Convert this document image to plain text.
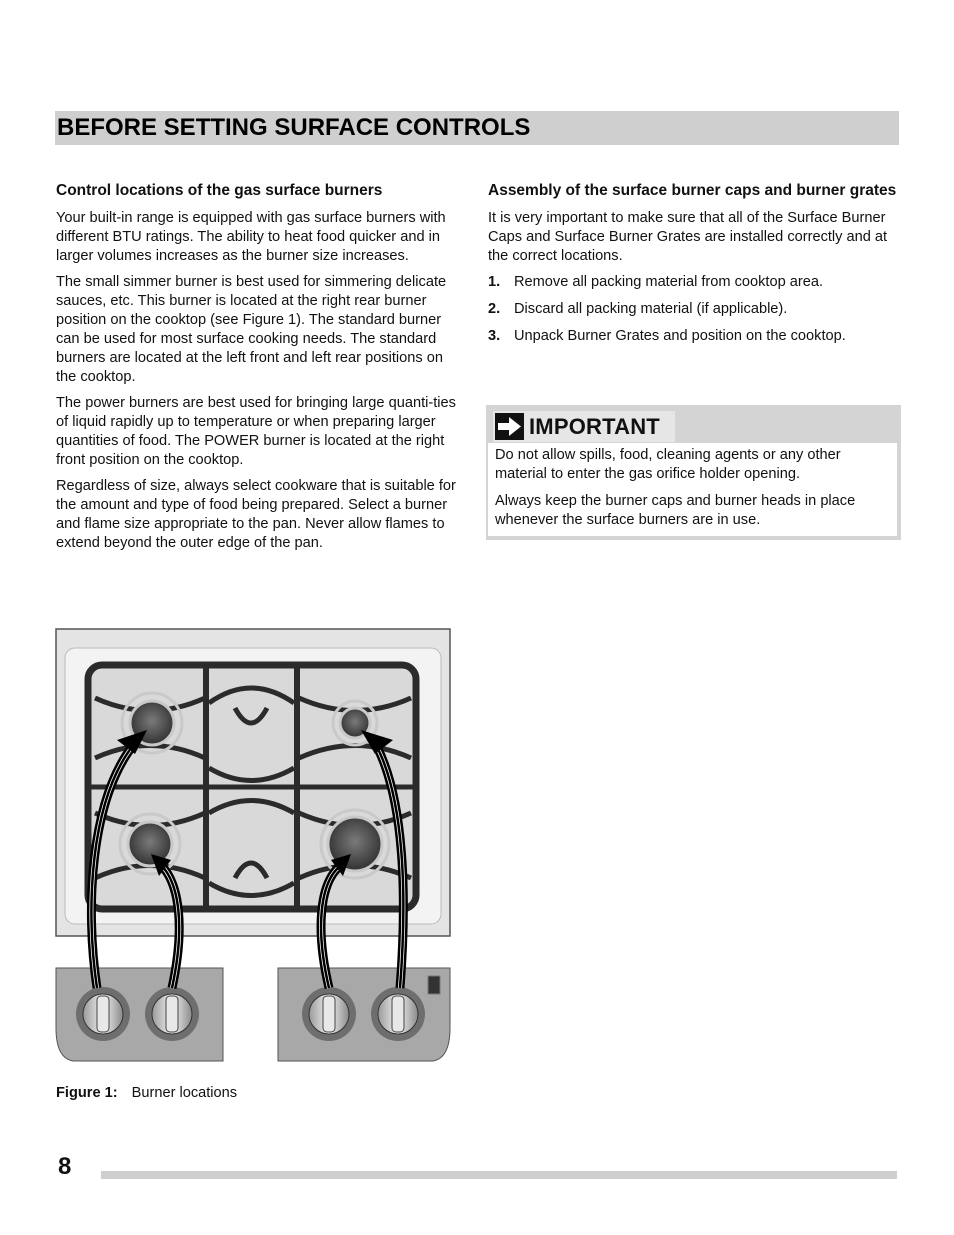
BEFORE SETTING SURFACE CONTROLS
Control locations of the gas surface burners

Your built-in range is equipped with gas surface burners with different BTU ratings. The ability to heat food quicker and in larger volumes increases as the burner size increases.

The small simmer burner is best used for simmering delicate sauces, etc. This burner is located at the right rear burner position on the cooktop (see Figure 1). The standard burner can be used for most surface cooking needs. The standard burners are located at the left front and left rear positions on the cooktop.

The power burners are best used for bringing large quanti-ties of liquid rapidly up to temperature or when preparing larger quantities of food. The POWER burner is located at the right front position on the cooktop.

Regardless of size, always select cookware that is suitable for the amount and type of food being prepared. Select a burner and flame size appropriate to the pan. Never allow flames to extend beyond the outer edge of the pan.

Assembly of the surface burner caps and burner grates

It is very important to make sure that all of the Surface Burner Caps and Surface Burner Grates are installed correctly and at the correct locations.

1. Remove all packing material from cooktop area.
2. Discard all packing material (if applicable).
3. Unpack Burner Grates and position on the cooktop.
IMPORTANT

Do not allow spills, food, cleaning agents or any other material to enter the gas orifice holder opening.

Always keep the burner caps and burner heads in place whenever the surface burners are in use.

Figure 1: Burner locations
8
